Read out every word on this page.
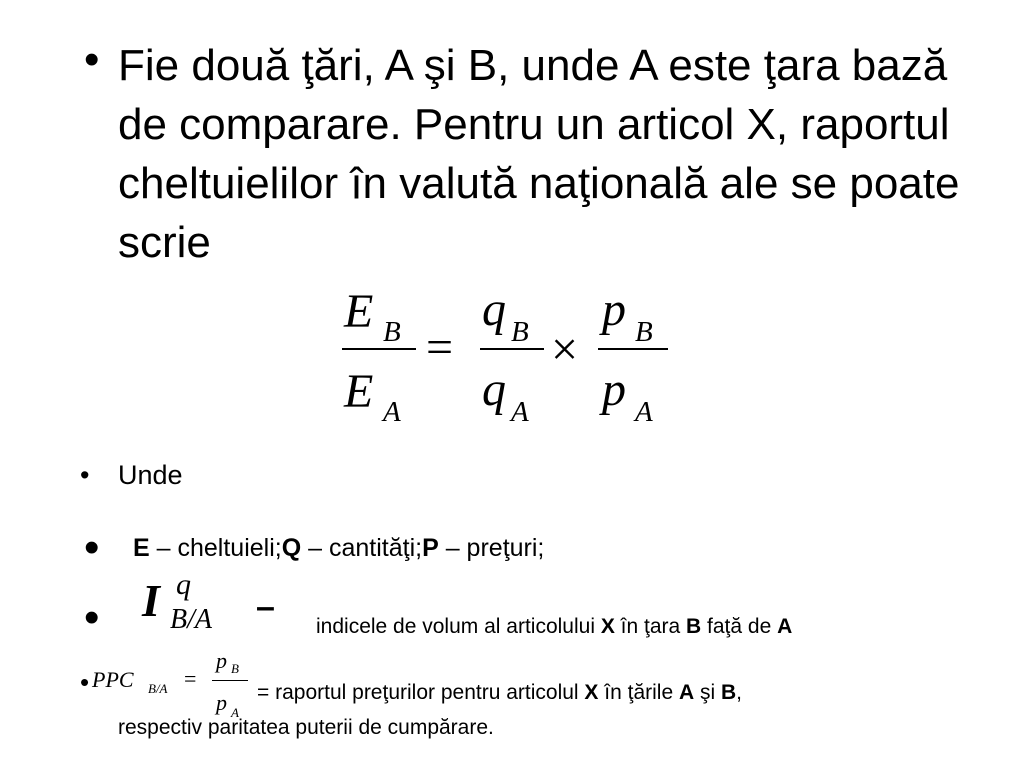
• Fie două ţări, A şi B, unde A este ţara bază de comparare. Pentru un articol X, raportul cheltuielilor în valută naţională ale se poate scrie
E B
E A
=
q B
q A
×
p B
p A
• Unde
• E – cheltuieli;Q – cantităţi;P – preţuri;
• I q
B/A –
indicele de volum al articolului X în ţara B faţă de A
• PPC B/A =
p B
p A
= raportul preţurilor pentru articolul X în ţările A şi B,
respectiv paritatea puterii de cumpărare.
